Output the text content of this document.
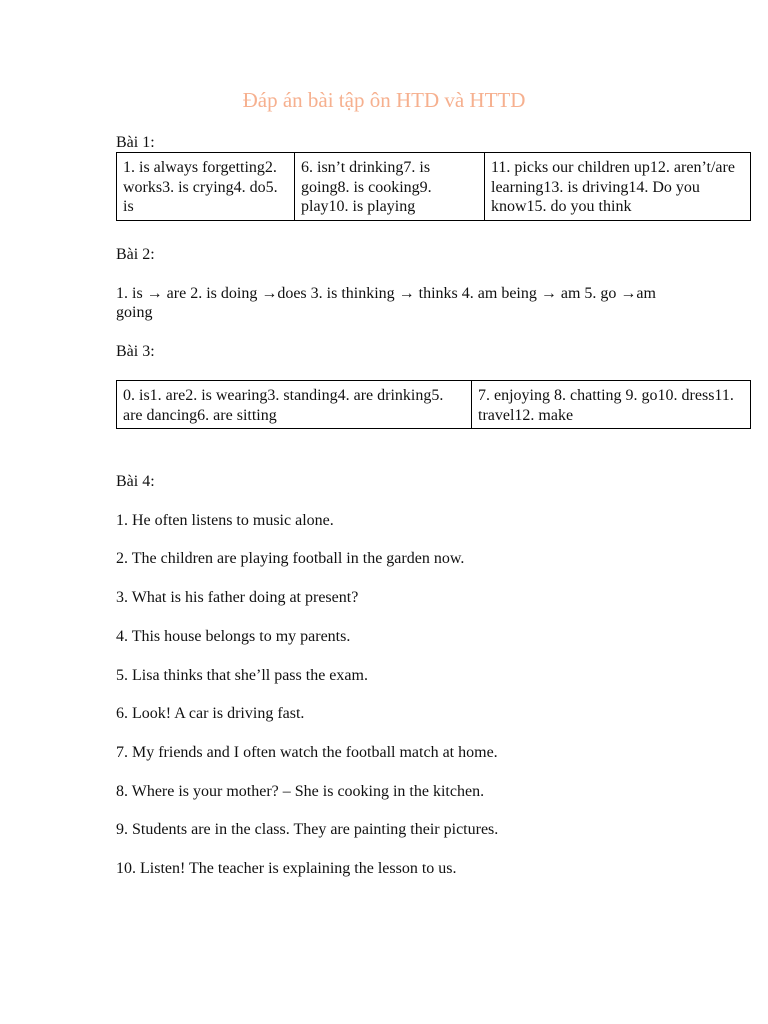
Đáp án bài tập ôn HTD và HTTD
Bài 1:
1. is always forgetting2. works3. is crying4. do5. is	6. isn’t drinking7. is going8. is cooking9. play10. is playing	11. picks our children up12. aren’t/are learning13. is driving14. Do you know15. do you think
Bài 2:
1. is → are 2. is doing →does 3. is thinking → thinks 4. am being → am 5. go →am going
Bài 3:
0. is1. are2. is wearing3. standing4. are drinking5. are dancing6. are sitting	7. enjoying 8. chatting 9. go10. dress11. travel12. make
Bài 4:
1. He often listens to music alone.
2. The children are playing football in the garden now.
3. What is his father doing at present?
4. This house belongs to my parents.
5. Lisa thinks that she’ll pass the exam.
6. Look! A car is driving fast.
7. My friends and I often watch the football match at home.
8. Where is your mother? – She is cooking in the kitchen.
9. Students are in the class. They are painting their pictures.
10. Listen! The teacher is explaining the lesson to us.
